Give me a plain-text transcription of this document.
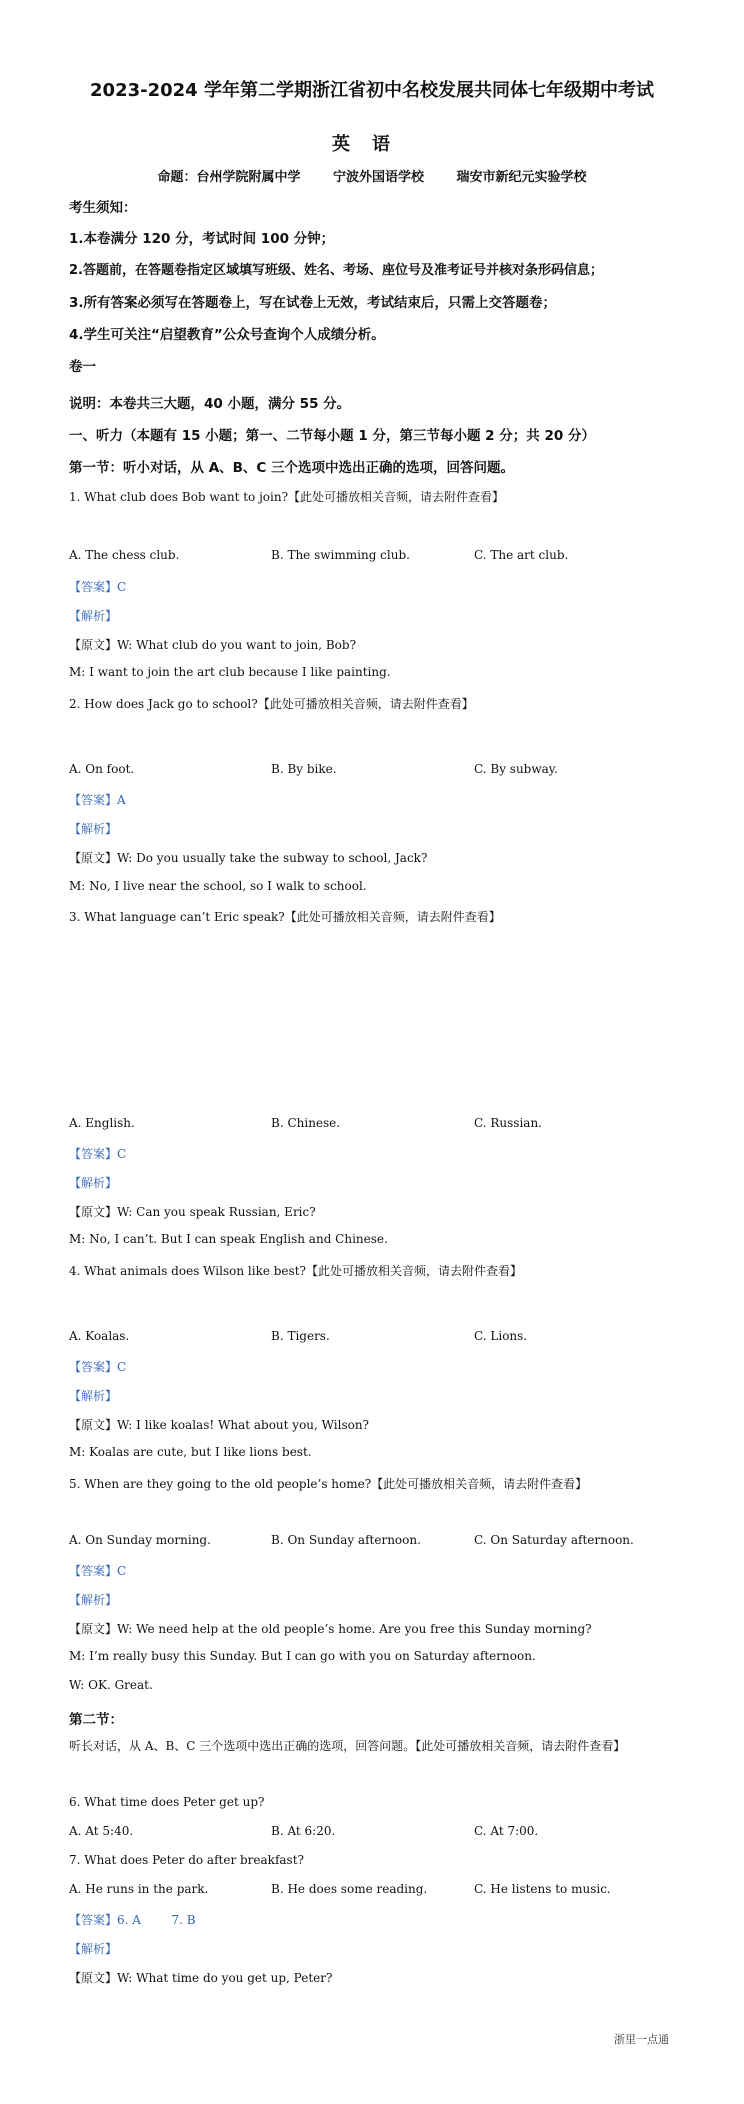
2023-2024 学年第二学期浙江省初中名校发展共同体七年级期中考试
英语
命题：台州学院附属中学	宁波外国语学校	瑞安市新纪元实验学校
考生须知：
1.本卷满分 120 分，考试时间 100 分钟；
2.答题前，在答题卷指定区域填写班级、姓名、考场、座位号及准考证号并核对条形码信息；
3.所有答案必须写在答题卷上，写在试卷上无效，考试结束后，只需上交答题卷；
4.学生可关注“启望教育”公众号查询个人成绩分析。
卷一
说明：本卷共三大题，40 小题，满分 55 分。
一、听力（本题有 15 小题；第一、二节每小题 1 分，第三节每小题 2 分；共 20 分）
第一节：听小对话，从 A、B、C 三个选项中选出正确的选项，回答问题。
1. What club does Bob want to join?【此处可播放相关音频，请去附件查看】
A. The chess club.	B. The swimming club.	C. The art club.
【答案】C
【解析】
【原文】W: What club do you want to join, Bob?
M: I want to join the art club because I like painting.
2. How does Jack go to school?【此处可播放相关音频，请去附件查看】
A. On foot.	B. By bike.	C. By subway.
【答案】A
【解析】
【原文】W: Do you usually take the subway to school, Jack?
M: No, I live near the school, so I walk to school.
3. What language can’t Eric speak?【此处可播放相关音频，请去附件查看】
A. English.	B. Chinese.	C. Russian.
【答案】C
【解析】
【原文】W: Can you speak Russian, Eric?
M: No, I can’t. But I can speak English and Chinese.
4. What animals does Wilson like best?【此处可播放相关音频，请去附件查看】
A. Koalas.	B. Tigers.	C. Lions.
【答案】C
【解析】
【原文】W: I like koalas! What about you, Wilson?
M: Koalas are cute, but I like lions best.
5. When are they going to the old people’s home?【此处可播放相关音频，请去附件查看】
A. On Sunday morning.	B. On Sunday afternoon.	C. On Saturday afternoon.
【答案】C
【解析】
【原文】W: We need help at the old people’s home. Are you free this Sunday morning?
M: I’m really busy this Sunday. But I can go with you on Saturday afternoon.
W: OK. Great.
第二节：
听长对话，从 A、B、C 三个选项中选出正确的选项，回答问题。【此处可播放相关音频，请去附件查看】
6. What time does Peter get up?
A. At 5:40.	B. At 6:20.	C. At 7:00.
7. What does Peter do after breakfast?
A. He runs in the park.	B. He does some reading.	C. He listens to music.
【答案】6. A        7. B
【解析】
【原文】W: What time do you get up, Peter?
浙里一点通
